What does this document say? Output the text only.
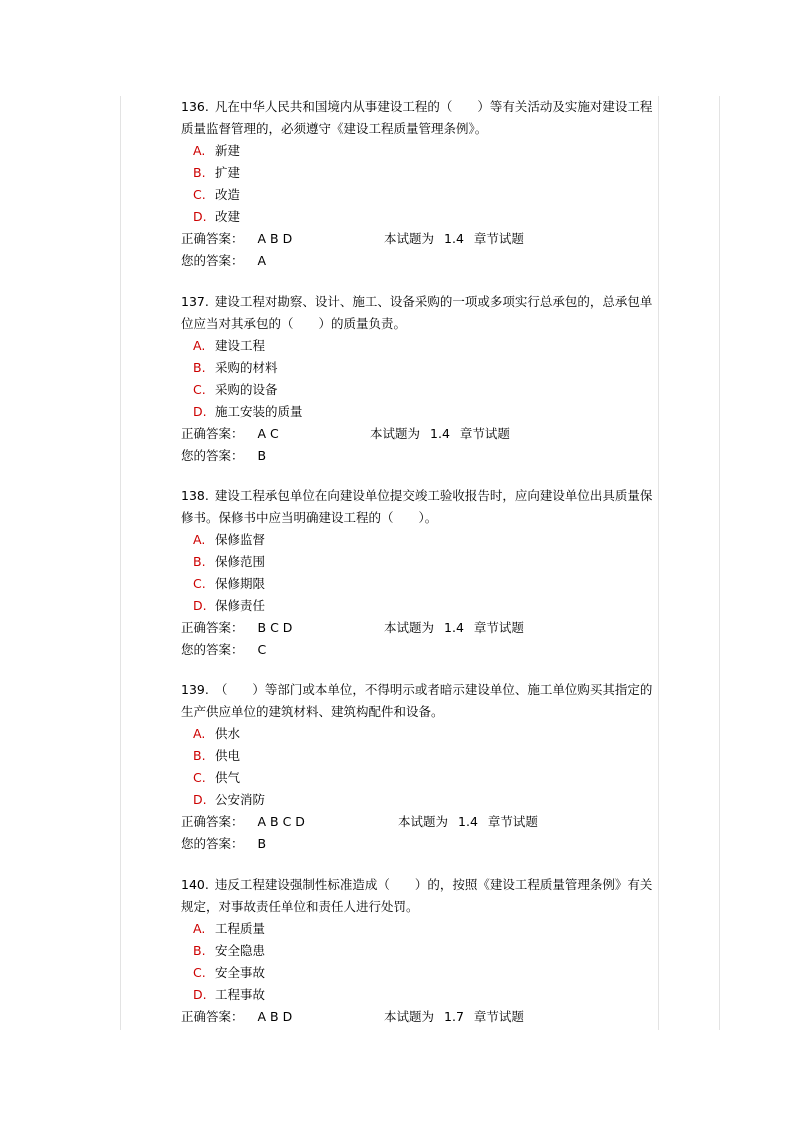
136. 凡在中华人民共和国境内从事建设工程的（　　）等有关活动及实施对建设工程质量监督管理的，必须遵守《建设工程质量管理条例》。

A. 新建
B. 扩建
C. 改造
D. 改建
正确答案： A B D	本试题为 1.4 章节试题
您的答案： A

137. 建设工程对勘察、设计、施工、设备采购的一项或多项实行总承包的，总承包单位应当对其承包的（　　）的质量负责。

A. 建设工程
B. 采购的材料
C. 采购的设备
D. 施工安装的质量
正确答案： A C	本试题为 1.4 章节试题
您的答案： B

138. 建设工程承包单位在向建设单位提交竣工验收报告时，应向建设单位出具质量保修书。保修书中应当明确建设工程的（　　）。

A. 保修监督
B. 保修范围
C. 保修期限
D. 保修责任
正确答案： B C D	本试题为 1.4 章节试题
您的答案： C

139. （　　）等部门或本单位，不得明示或者暗示建设单位、施工单位购买其指定的生产供应单位的建筑材料、建筑构配件和设备。

A. 供水
B. 供电
C. 供气
D. 公安消防
正确答案： A B C D	本试题为 1.4 章节试题
您的答案： B

140. 违反工程建设强制性标准造成（　　）的，按照《建设工程质量管理条例》有关规定，对事故责任单位和责任人进行处罚。

A. 工程质量
B. 安全隐患
C. 安全事故
D. 工程事故
正确答案： A B D	本试题为 1.7 章节试题
